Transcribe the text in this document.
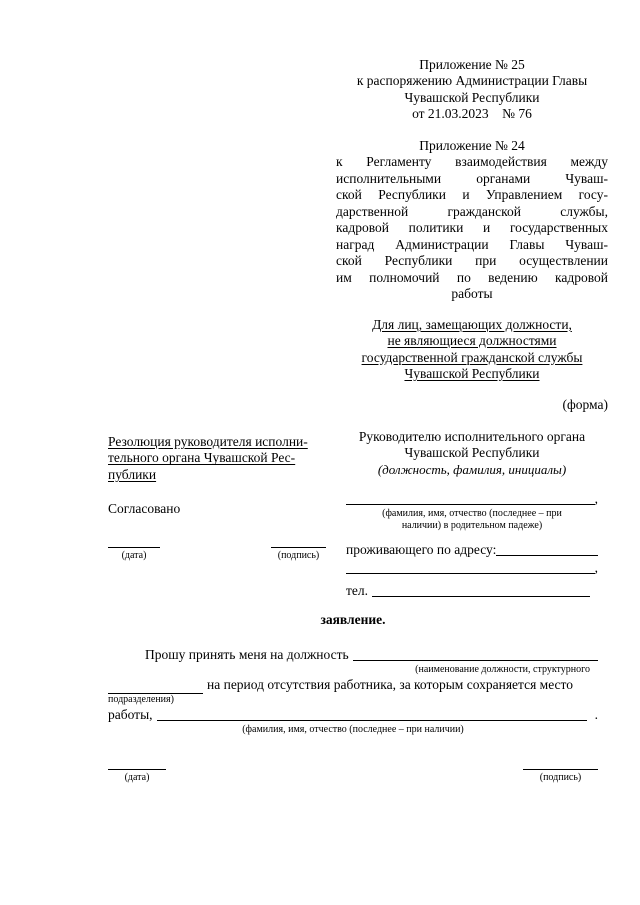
Приложение № 25
к распоряжению Администрации Главы
Чувашской Республики
от 21.03.2023    № 76
Приложение № 24
к Регламенту взаимодействия между
исполнительными органами Чуваш-
ской Республики и Управлением госу-
дарственной гражданской службы,
кадровой политики и государственных
наград Администрации Главы Чуваш-
ской Республики при осуществлении
им полномочий по ведению кадровой
работы
Для лиц, замещающих должности,
не являющиеся должностями
государственной гражданской службы
Чувашской Республики
(форма)
Резолюция руководителя исполни-
тельного органа Чувашской Рес-
публики
Согласовано
(дата)	(подпись)
Руководителю исполнительного органа
Чувашской Республики
(должность, фамилия, инициалы)
,
(фамилия, имя, отчество (последнее – при
наличии) в родительном падеже)
проживающего по адресу:
,
тел.
заявление.
Прошу принять меня на должность
(наименование должности, структурного
на период отсутствия работника, за которым сохраняется место
подразделения)
работы,	.
(фамилия, имя, отчество (последнее – при наличии)
(дата)	(подпись)
